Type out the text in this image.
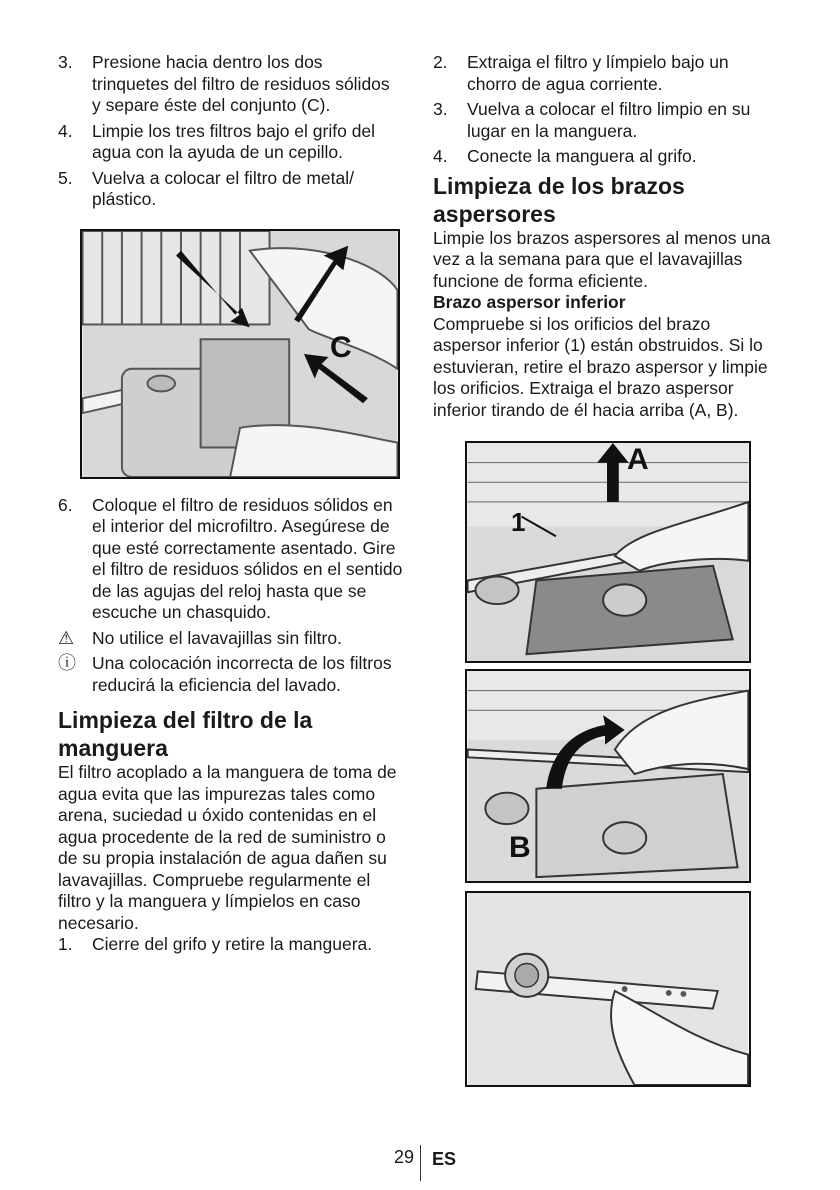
3.	Presione hacia dentro los dos trinquetes del filtro de residuos sólidos y separe éste del conjunto (C).
4.	Limpie los tres filtros bajo el grifo del agua con la ayuda de un cepillo.
5.	Vuelva a colocar el filtro de metal/ plástico.
C
6.	Coloque el filtro de residuos sólidos en el interior del microfiltro. Asegúrese de que esté correctamente asentado. Gire el filtro de residuos sólidos en el sentido de las agujas del reloj hasta que se escuche un chasquido.
⚠	No utilice el lavavajillas sin filtro.
ⓘ Una colocación incorrecta de los filtros reducirá la eficiencia del lavado.
Limpieza del filtro de la manguera
El filtro acoplado a la manguera de toma de agua evita que las impurezas tales como arena, suciedad u óxido contenidas en el agua procedente de la red de suministro o de su propia instalación de agua dañen su lavavajillas. Compruebe regularmente el filtro y la manguera y límpielos en caso necesario.
1.	Cierre del grifo y retire la manguera.
2.	Extraiga el filtro y límpielo bajo un chorro de agua corriente.
3.	Vuelva a colocar el filtro limpio en su lugar en la manguera.
4.	Conecte la manguera al grifo.
Limpieza de los brazos aspersores
Limpie los brazos aspersores al menos una vez a la semana para que el lavavajillas funcione de forma eficiente.
Brazo aspersor inferior
Compruebe si los orificios del brazo aspersor inferior (1) están obstruidos. Si lo estuvieran, retire el brazo aspersor y limpie los orificios. Extraiga el brazo aspersor inferior tirando de él hacia arriba (A, B).
A
1
B
29 ES
